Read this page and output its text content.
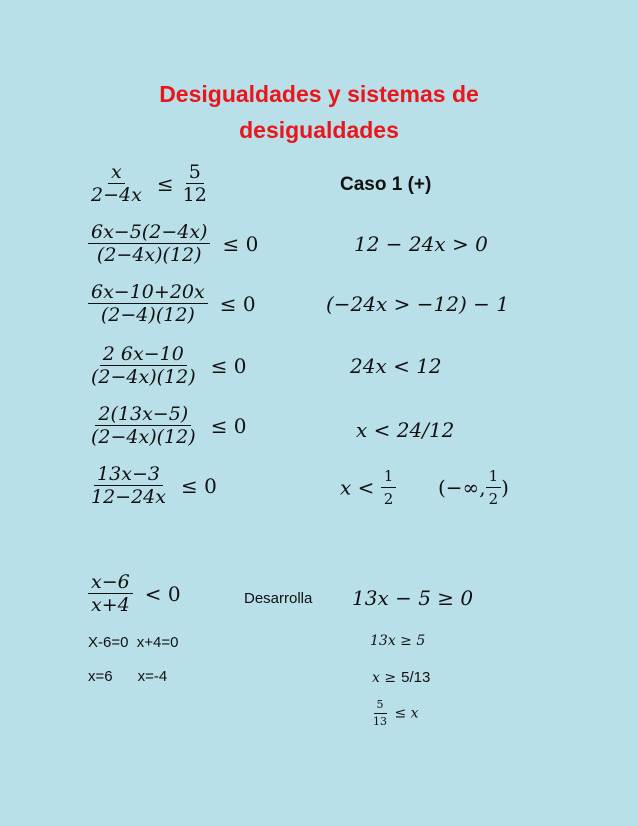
Desigualdades y sistemas de
desigualdades
$\frac{x}{2-4x} \le \frac{5}{12}$
$\frac{6x-5(2-4x)}{(2-4x)(12)} \le 0$
$\frac{6x-10+20x}{(2-4)(12)} \le 0$
$\frac{2 6x-10}{(2-4x)(12)} \le 0$
$\frac{2(13x-5)}{(2-4x)(12)} \le 0$
$\frac{13x-3}{12-24x} \le 0$
Caso 1 (+)
12 − 24x > 0
(−24x > −12) − 1
24x < 12
x < 24/12
$x < \frac{1}{2}$ (−∞, $\frac{1}{2}$ )
$\frac{x-6}{x+4} < 0$	Desarrolla 13x − 5 ≥ 0
X-6=0  x+4=0
x=6      x=-4
13x ≥ 5
x ≥ 5/13
$\frac{5}{13} \le x$
